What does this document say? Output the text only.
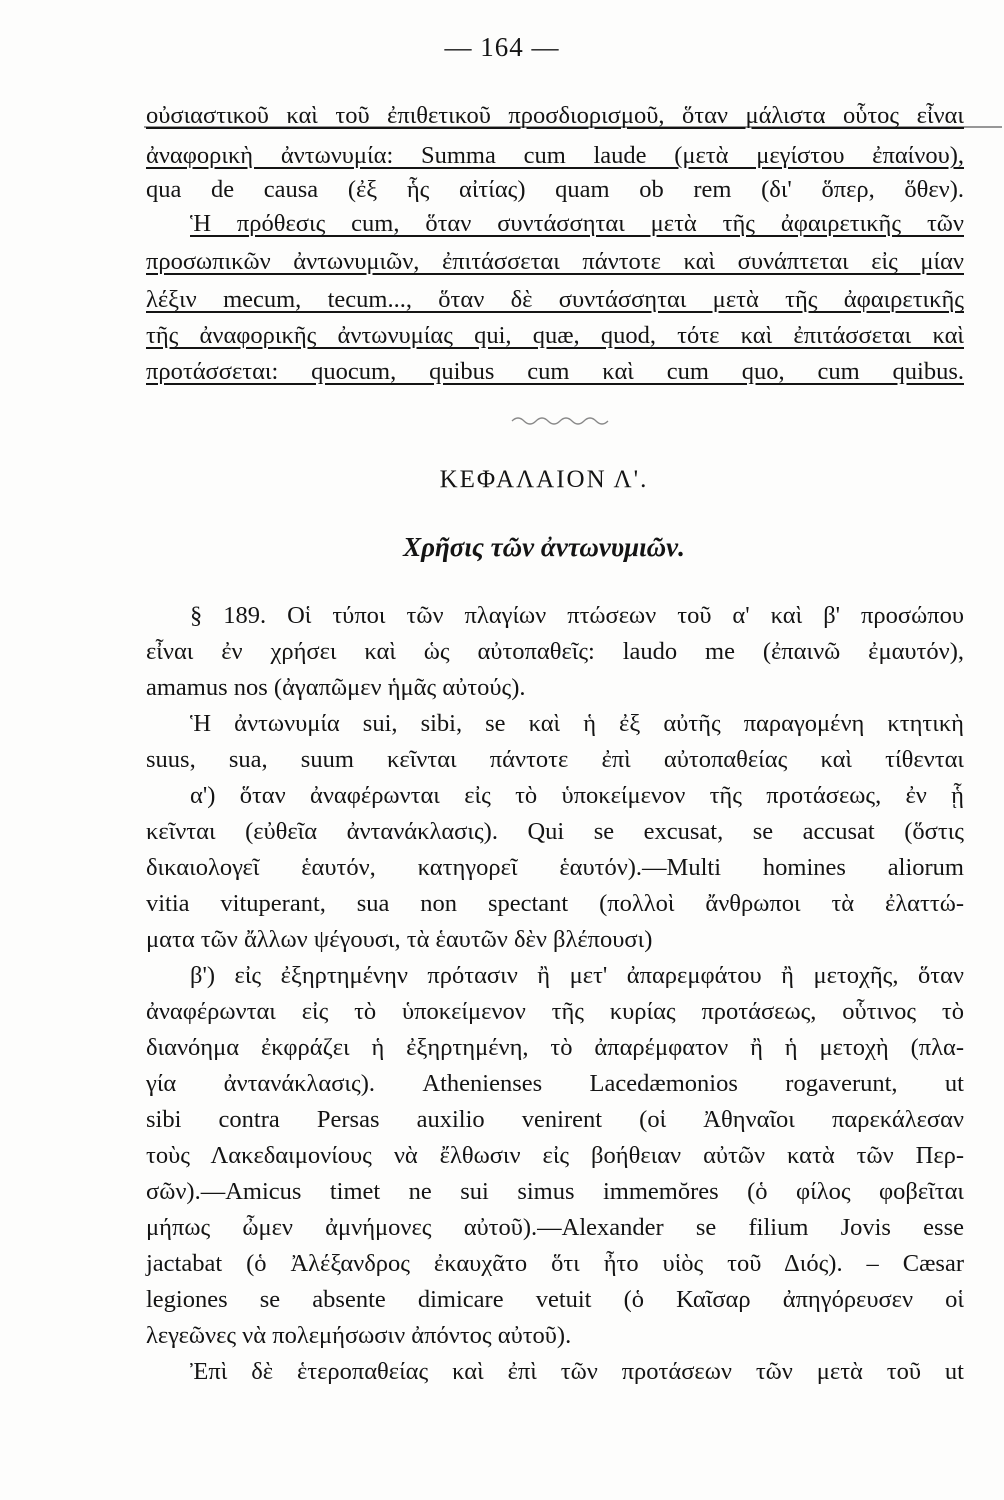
— 164 —
οὐσιαστικοῦ καὶ τοῦ ἐπιθετικοῦ προσδιορισμοῦ, ὅταν μάλιστα οὗτος εἶναι
ἀναφορικὴ ἀντωνυμία: Summa cum laude (μετὰ μεγίστου ἐπαίνου),
qua de causa (ἐξ ἧς αἰτίας) quam ob rem (δι' ὅπερ, ὅθεν).
Ἡ πρόθεσις cum, ὅταν συντάσσηται μετὰ τῆς ἀφαιρετικῆς τῶν
προσωπικῶν ἀντωνυμιῶν, ἐπιτάσσεται πάντοτε καὶ συνάπτεται εἰς μίαν
λέξιν mecum, tecum..., ὅταν δὲ συντάσσηται μετὰ τῆς ἀφαιρετικῆς
τῆς ἀναφορικῆς ἀντωνυμίας qui, quæ, quod, τότε καὶ ἐπιτάσσεται καὶ
προτάσσεται: quocum, quibus cum καὶ cum quo, cum quibus.
ΚΕΦΑΛΑΙΟΝ Λ'.
Χρῆσις τῶν ἀντωνυμιῶν.
§ 189. Οἱ τύποι τῶν πλαγίων πτώσεων τοῦ α' καὶ β' προσώπου
εἶναι ἐν χρήσει καὶ ὡς αὐτοπαθεῖς: laudo me (ἐπαινῶ ἐμαυτόν),
amamus nos (ἀγαπῶμεν ἡμᾶς αὐτούς).
Ἡ ἀντωνυμία sui, sibi, se καὶ ἡ ἐξ αὐτῆς παραγομένη κτητικὴ
suus, sua, suum κεῖνται πάντοτε ἐπὶ αὐτοπαθείας καὶ τίθενται
α') ὅταν ἀναφέρωνται εἰς τὸ ὑποκείμενον τῆς προτάσεως, ἐν ᾗ
κεῖνται (εὐθεῖα ἀντανάκλασις). Qui se excusat, se accusat (ὅστις
δικαιολογεῖ ἑαυτόν, κατηγορεῖ ἑαυτόν).—Multi homines aliorum
vitia vituperant, sua non spectant (πολλοὶ ἄνθρωποι τὰ ἐλαττώ-
ματα τῶν ἄλλων ψέγουσι, τὰ ἑαυτῶν δὲν βλέπουσι)
β') εἰς ἐξηρτημένην πρότασιν ἢ μετ' ἀπαρεμφάτου ἢ μετοχῆς, ὅταν
ἀναφέρωνται εἰς τὸ ὑποκείμενον τῆς κυρίας προτάσεως, οὗτινος τὸ
διανόημα ἐκφράζει ἡ ἐξηρτημένη, τὸ ἀπαρέμφατον ἢ ἡ μετοχὴ (πλα-
γία ἀντανάκλασις). Athenienses Lacedæmonios rogaverunt, ut
sibi contra Persas auxilio venirent (οἱ Ἀθηναῖοι παρεκάλεσαν
τοὺς Λακεδαιμονίους νὰ ἔλθωσιν εἰς βοήθειαν αὐτῶν κατὰ τῶν Περ-
σῶν).—Amicus timet ne sui simus immemŏres (ὁ φίλος φοβεῖται
μήπως ὦμεν ἀμνήμονες αὐτοῦ).—Alexander se filium Jovis esse
jactabat (ὁ Ἀλέξανδρος ἐκαυχᾶτο ὅτι ἦτο υἱὸς τοῦ Διός). – Cæsar
legiones se absente dimicare vetuit (ὁ Καῖσαρ ἀπηγόρευσεν οἱ
λεγεῶνες νὰ πολεμήσωσιν ἀπόντος αὐτοῦ).
Ἐπὶ δὲ ἑτεροπαθείας καὶ ἐπὶ τῶν προτάσεων τῶν μετὰ τοῦ ut
